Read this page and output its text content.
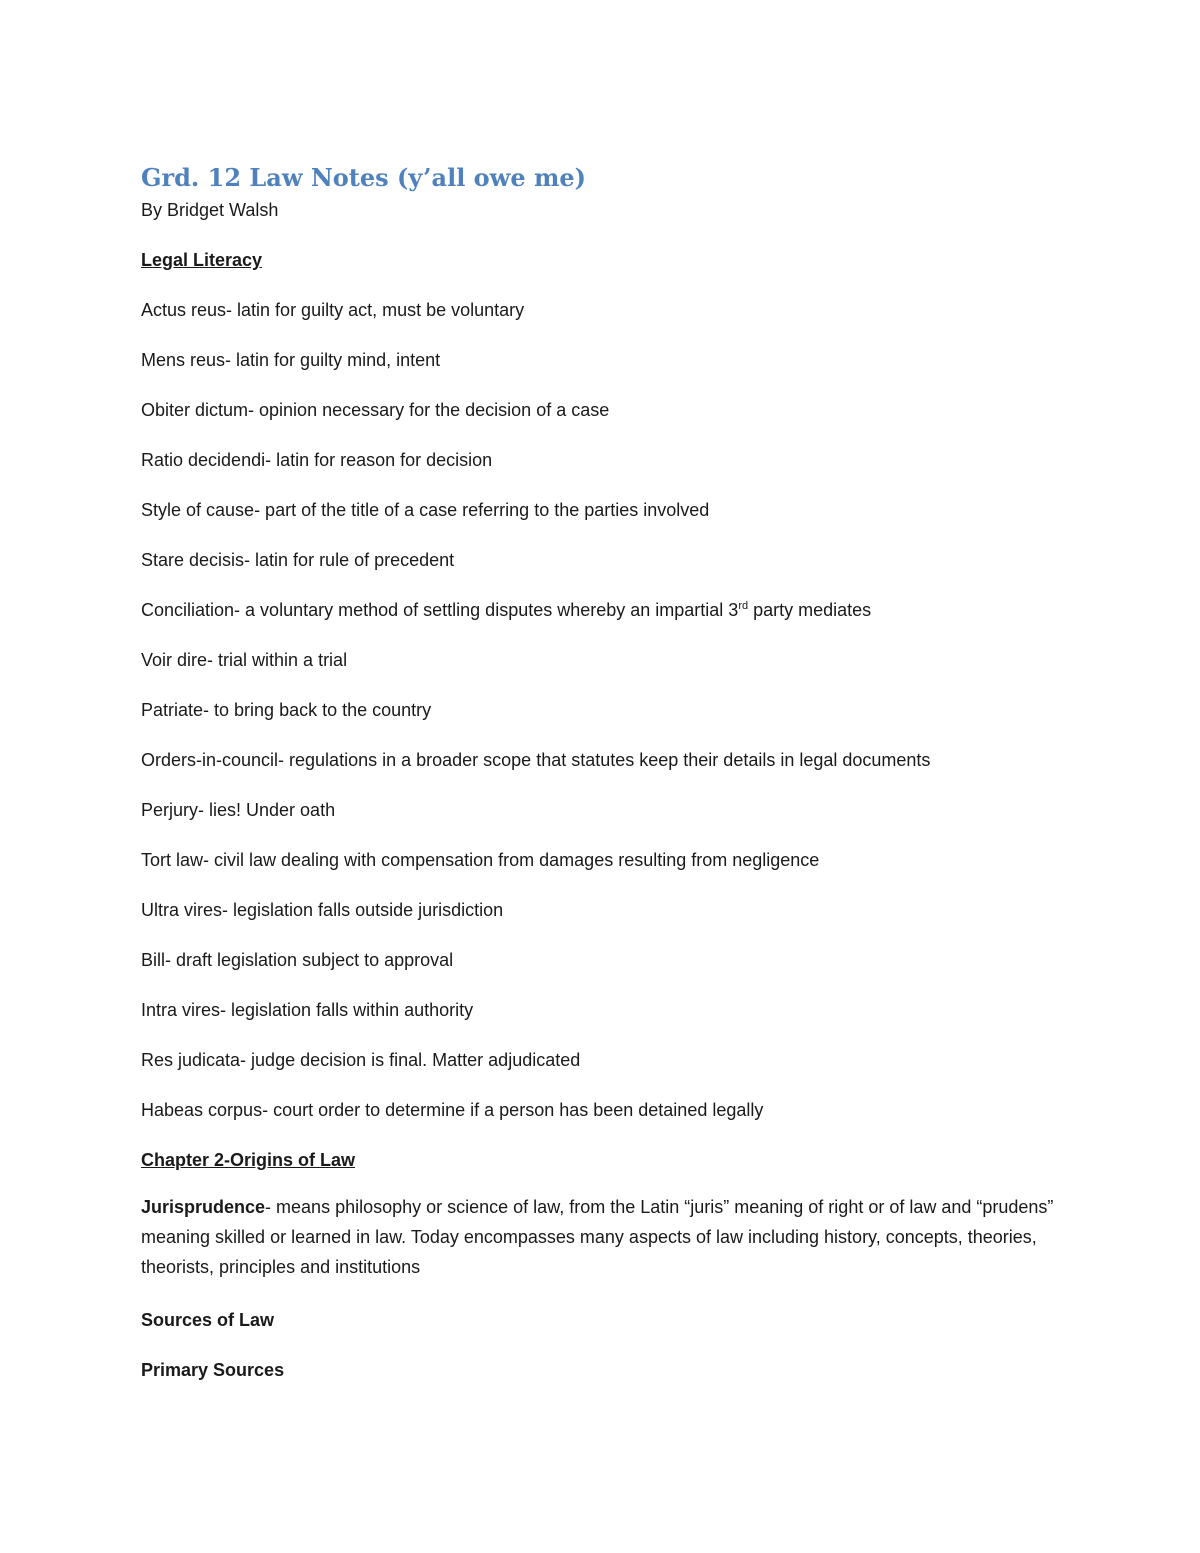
Grd. 12 Law Notes (y’all owe me)
By Bridget Walsh
Legal Literacy
Actus reus- latin for guilty act, must be voluntary
Mens reus- latin for guilty mind, intent
Obiter dictum- opinion necessary for the decision of a case
Ratio decidendi- latin for reason for decision
Style of cause- part of the title of a case referring to the parties involved
Stare decisis- latin for rule of precedent
Conciliation- a voluntary method of settling disputes whereby an impartial 3rd party mediates
Voir dire- trial within a trial
Patriate- to bring back to the country
Orders-in-council- regulations in a broader scope that statutes keep their details in legal documents
Perjury- lies! Under oath
Tort law- civil law dealing with compensation from damages resulting from negligence
Ultra vires- legislation falls outside jurisdiction
Bill- draft legislation subject to approval
Intra vires- legislation falls within authority
Res judicata- judge decision is final. Matter adjudicated
Habeas corpus- court order to determine if a person has been detained legally
Chapter 2-Origins of Law
Jurisprudence- means philosophy or science of law, from the Latin “juris” meaning of right or of law and “prudens” meaning skilled or learned in law. Today encompasses many aspects of law including history, concepts, theories, theorists, principles and institutions
Sources of Law
Primary Sources
